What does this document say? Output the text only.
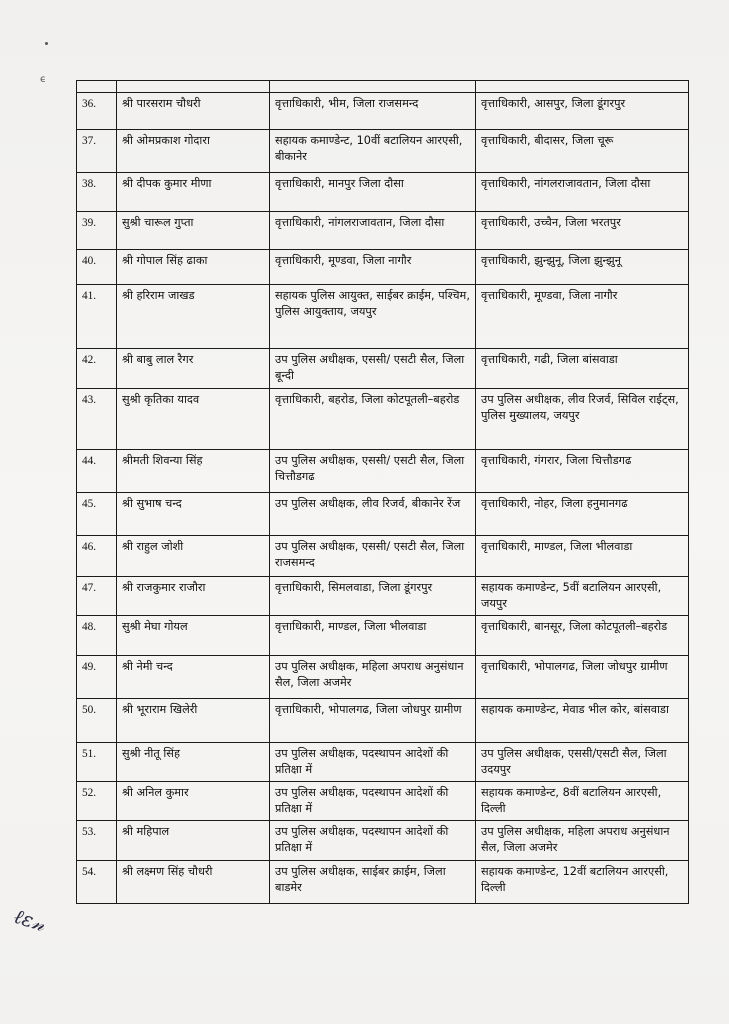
ϵ

36.	श्री पारसराम चौधरी	वृत्ताधिकारी, भीम, जिला राजसमन्द	वृत्ताधिकारी, आसपुर, जिला डूंगरपुर
37.	श्री ओमप्रकाश गोदारा	सहायक कमाण्डेन्ट, 10वीं बटालियन आरएसी, बीकानेर	वृत्ताधिकारी, बीदासर, जिला चूरू
38.	श्री दीपक कुमार मीणा	वृत्ताधिकारी, मानपुर जिला दौसा	वृत्ताधिकारी, नांगलराजावतान, जिला दौसा
39.	सुश्री चारूल गुप्ता	वृत्ताधिकारी, नांगलराजावतान, जिला दौसा	वृत्ताधिकारी, उच्चैन, जिला भरतपुर
40.	श्री गोपाल सिंह ढाका	वृत्ताधिकारी, मूण्डवा, जिला नागौर	वृत्ताधिकारी, झुन्झुनू, जिला झुन्झुनू
41.	श्री हरिराम जाखड	सहायक पुलिस आयुक्त, साईबर क्राईम, पश्चिम, पुलिस आयुक्ताय, जयपुर	वृत्ताधिकारी, मूण्डवा, जिला नागौर
42.	श्री बाबु लाल रैगर	उप पुलिस अधीक्षक, एससी/ एसटी सैल, जिला बून्दी	वृत्ताधिकारी, गढी, जिला बांसवाडा
43.	सुश्री कृतिका यादव	वृत्ताधिकारी, बहरोड, जिला कोटपूतली–बहरोड	उप पुलिस अधीक्षक, लीव रिजर्व, सिविल राईट्स, पुलिस मुख्यालय, जयपुर
44.	श्रीमती शिवन्या सिंह	उप पुलिस अधीक्षक, एससी/ एसटी सैल, जिला चित्तौडगढ	वृत्ताधिकारी, गंगरार, जिला चित्तौडगढ
45.	श्री सुभाष चन्द	उप पुलिस अधीक्षक, लीव रिजर्व, बीकानेर रेंज	वृत्ताधिकारी, नोहर, जिला हनुमानगढ
46.	श्री राहुल जोशी	उप पुलिस अधीक्षक, एससी/ एसटी सैल, जिला राजसमन्द	वृत्ताधिकारी, माण्डल, जिला भीलवाडा
47.	श्री राजकुमार राजौरा	वृत्ताधिकारी, सिमलवाडा, जिला डूंगरपुर	सहायक कमाण्डेन्ट, 5वीं बटालियन आरएसी, जयपुर
48.	सुश्री मेघा गोयल	वृत्ताधिकारी, माण्डल, जिला भीलवाडा	वृत्ताधिकारी, बानसूर, जिला कोटपूतली–बहरोड
49.	श्री नेमी चन्द	उप पुलिस अधीक्षक, महिला अपराध अनुसंधान सैल, जिला अजमेर	वृत्ताधिकारी, भोपालगढ, जिला जोधपुर ग्रामीण
50.	श्री भूराराम खिलेरी	वृत्ताधिकारी, भोपालगढ, जिला जोधपुर ग्रामीण	सहायक कमाण्डेन्ट, मेवाड भील कोर, बांसवाडा
51.	सुश्री नीतू सिंह	उप पुलिस अधीक्षक, पदस्थापन आदेशों की प्रतिक्षा में	उप पुलिस अधीक्षक, एससी/एसटी सैल, जिला उदयपुर
52.	श्री अनिल कुमार	उप पुलिस अधीक्षक, पदस्थापन आदेशों की प्रतिक्षा में	सहायक कमाण्डेन्ट, 8वीं बटालियन आरएसी, दिल्ली
53.	श्री महिपाल	उप पुलिस अधीक्षक, पदस्थापन आदेशों की प्रतिक्षा में	उप पुलिस अधीक्षक, महिला अपराध अनुसंधान सैल, जिला अजमेर
54.	श्री लक्ष्मण सिंह चौधरी	उप पुलिस अधीक्षक, साईबर क्राईम, जिला बाडमेर	सहायक कमाण्डेन्ट, 12वीं बटालियन आरएसी, दिल्ली
ℓε𝓃
